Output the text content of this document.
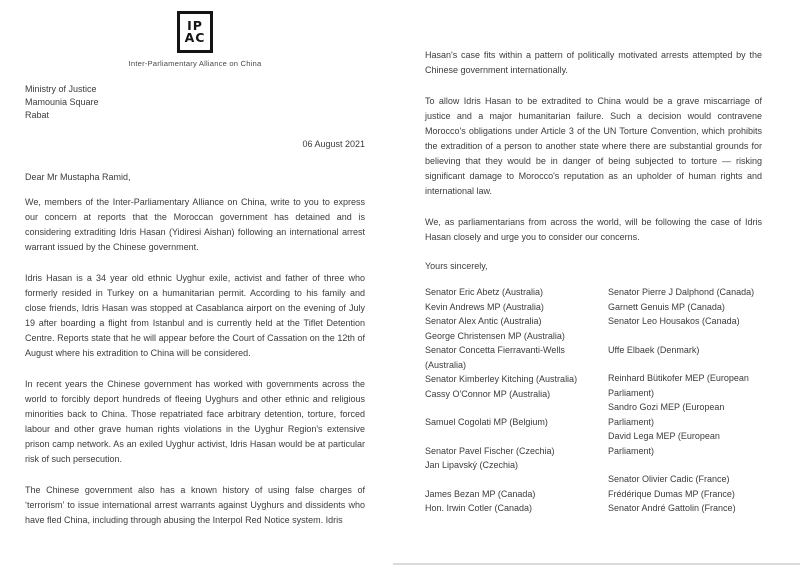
IP
AC
Inter-Parliamentary Alliance on China
Ministry of Justice
Mamounia Square
Rabat
06 August 2021
Dear Mr Mustapha Ramid,

We, members of the Inter-Parliamentary Alliance on China, write to you to express our concern at reports that the Moroccan government has detained and is considering extraditing Idris Hasan (Yidiresi Aishan) following an international arrest warrant issued by the Chinese government.

Idris Hasan is a 34 year old ethnic Uyghur exile, activist and father of three who formerly resided in Turkey on a humanitarian permit. According to his family and close friends, Idris Hasan was stopped at Casablanca airport on the evening of July 19 after boarding a flight from Istanbul and is currently held at the Tiflet Detention Centre. Reports state that he will appear before the Court of Cassation on the 12th of August where his extradition to China will be considered.

In recent years the Chinese government has worked with governments across the world to forcibly deport hundreds of fleeing Uyghurs and other ethnic and religious minorities back to China. Those repatriated face arbitrary detention, torture, forced labour and other grave human rights violations in the Uyghur Region's extensive prison camp network. As an exiled Uyghur activist, Idris Hasan would be at particular risk of such persecution.

The Chinese government also has a known history of using false charges of ‘terrorism’ to issue international arrest warrants against Uyghurs and dissidents who have fled China, including through abusing the Interpol Red Notice system. Idris

Hasan's case fits within a pattern of politically motivated arrests attempted by the Chinese government internationally.

To allow Idris Hasan to be extradited to China would be a grave miscarriage of justice and a major humanitarian failure. Such a decision would contravene Morocco's obligations under Article 3 of the UN Torture Convention, which prohibits the extradition of a person to another state where there are substantial grounds for believing that they would be in danger of being subjected to torture — risking significant damage to Morocco's reputation as an upholder of human rights and international law.

We, as parliamentarians from across the world, will be following the case of Idris Hasan closely and urge you to consider our concerns.

Yours sincerely,
Senator Eric Abetz (Australia)
Kevin Andrews MP (Australia)
Senator Alex Antic (Australia)
George Christensen MP (Australia)
Senator Concetta Fierravanti-Wells (Australia)
Senator Kimberley Kitching (Australia)
Cassy O'Connor MP (Australia)
Samuel Cogolati MP (Belgium)
Senator Pavel Fischer (Czechia)
Jan Lipavský (Czechia)
James Bezan MP (Canada)
Hon. Irwin Cotler (Canada)
Senator Pierre J Dalphond (Canada)
Garnett Genuis MP (Canada)
Senator Leo Housakos (Canada)
Uffe Elbaek (Denmark)
Reinhard Bütikofer MEP (European Parliament)
Sandro Gozi MEP (European Parliament)
David Lega MEP (European Parliament)
Senator Olivier Cadic (France)
Frédérique Dumas MP (France)
Senator André Gattolin (France)
